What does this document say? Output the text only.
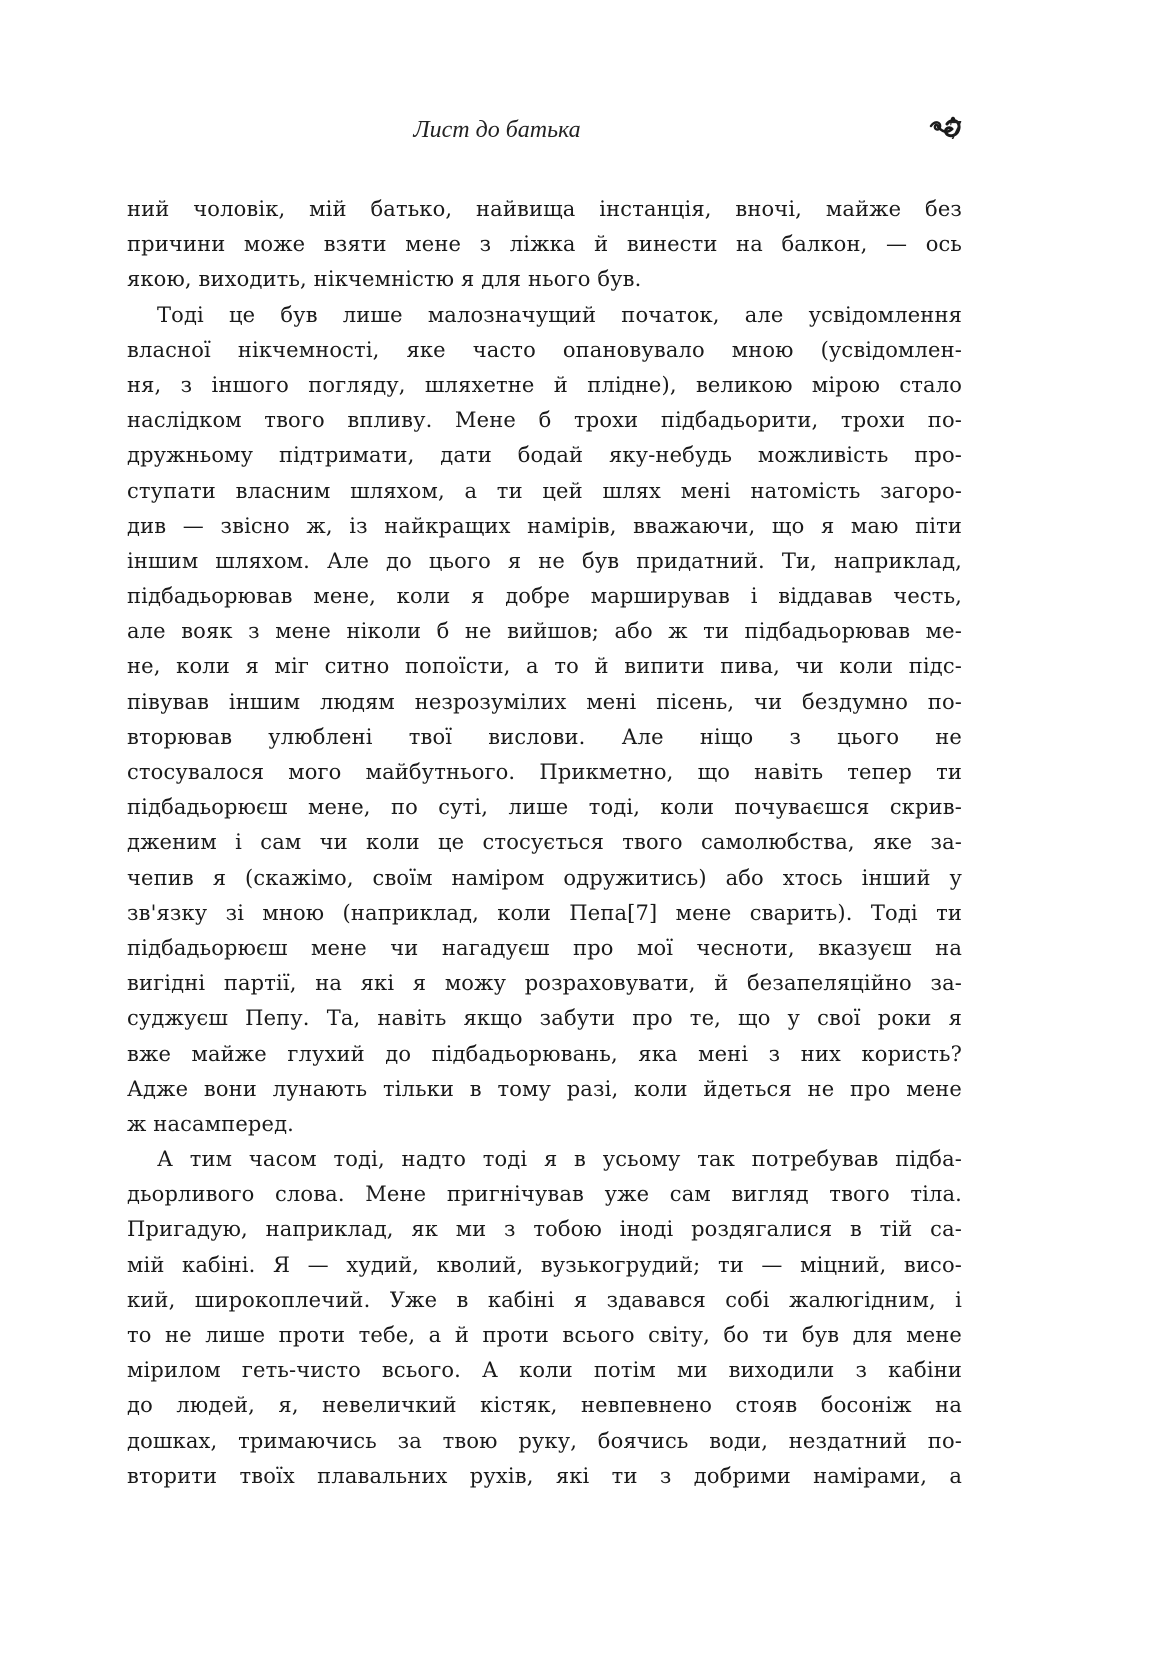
Лист до батька	7
ний чоловік, мій батько, найвища інстанція, вночі, майже без
причини може взяти мене з ліжка й винести на балкон, — ось
якою, виходить, нікчемністю я для нього був.
Тоді це був лише малозначущий початок, але усвідомлення
власної нікчемності, яке часто опановувало мною (усвідомлен-
ня, з іншого погляду, шляхетне й плідне), великою мірою стало
наслідком твого впливу. Мене б трохи підбадьорити, трохи по-
дружньому підтримати, дати бодай яку-небудь можливість про-
ступати власним шляхом, а ти цей шлях мені натомість загоро-
див — звісно ж, із найкращих намірів, вважаючи, що я маю піти
іншим шляхом. Але до цього я не був придатний. Ти, наприклад,
підбадьорював мене, коли я добре марширував і віддавав честь,
але вояк з мене ніколи б не вийшов; або ж ти підбадьорював ме-
не, коли я міг ситно попоїсти, а то й випити пива, чи коли підс-
півував іншим людям незрозумілих мені пісень, чи бездумно по-
вторював улюблені твої вислови. Але ніщо з цього не
стосувалося мого майбутнього. Прикметно, що навіть тепер ти
підбадьорюєш мене, по суті, лише тоді, коли почуваєшся скрив-
дженим і сам чи коли це стосується твого самолюбства, яке за-
чепив я (скажімо, своїм наміром одружитись) або хтось інший у
зв'язку зі мною (наприклад, коли Пепа[7] мене сварить). Тоді ти
підбадьорюєш мене чи нагадуєш про мої чесноти, вказуєш на
вигідні партії, на які я можу розраховувати, й безапеляційно за-
суджуєш Пепу. Та, навіть якщо забути про те, що у свої роки я
вже майже глухий до підбадьорювань, яка мені з них користь?
Адже вони лунають тільки в тому разі, коли йдеться не про мене
ж насамперед.
А тим часом тоді, надто тоді я в усьому так потребував підба-
дьорливого слова. Мене пригнічував уже сам вигляд твого тіла.
Пригадую, наприклад, як ми з тобою іноді роздягалися в тій са-
мій кабіні. Я — худий, кволий, вузькогрудий; ти — міцний, висо-
кий, широкоплечий. Уже в кабіні я здавався собі жалюгідним, і
то не лише проти тебе, а й проти всього світу, бо ти був для мене
мірилом геть-чисто всього. А коли потім ми виходили з кабіни
до людей, я, невеличкий кістяк, невпевнено стояв босоніж на
дошках, тримаючись за твою руку, боячись води, нездатний по-
вторити твоїх плавальних рухів, які ти з добрими намірами, а
